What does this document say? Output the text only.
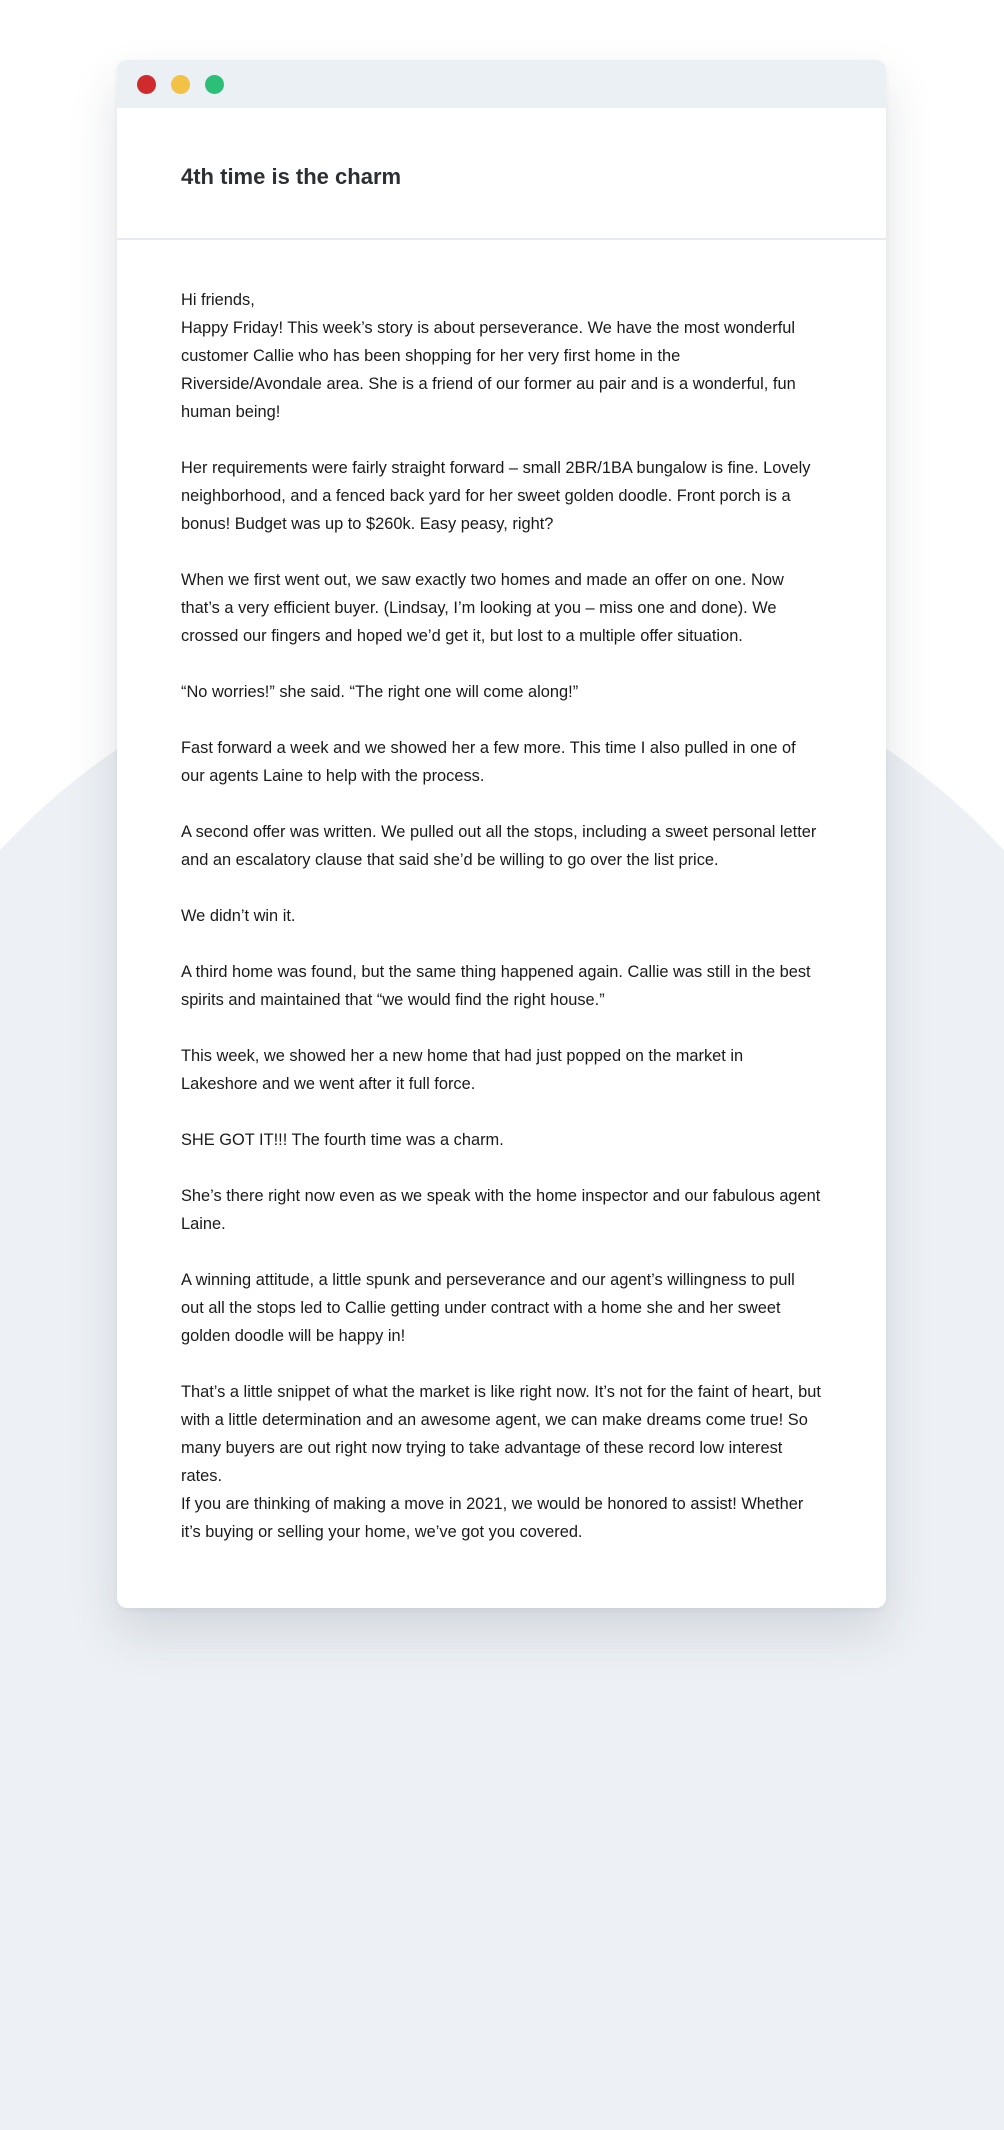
4th time is the charm

Hi friends,

Happy Friday! This week’s story is about perseverance. We have the most wonderful customer Callie who has been shopping for her very first home in the Riverside/Avondale area. She is a friend of our former au pair and is a wonderful, fun human being!

Her requirements were fairly straight forward – small 2BR/1BA bungalow is fine. Lovely neighborhood, and a fenced back yard for her sweet golden doodle. Front porch is a bonus! Budget was up to $260k. Easy peasy, right?

When we first went out, we saw exactly two homes and made an offer on one. Now that’s a very efficient buyer. (Lindsay, I’m looking at you – miss one and done). We crossed our fingers and hoped we’d get it, but lost to a multiple offer situation.

“No worries!” she said. “The right one will come along!”

Fast forward a week and we showed her a few more. This time I also pulled in one of our agents Laine to help with the process.

A second offer was written. We pulled out all the stops, including a sweet personal letter and an escalatory clause that said she’d be willing to go over the list price.

We didn’t win it.

A third home was found, but the same thing happened again. Callie was still in the best spirits and maintained that “we would find the right house.”

This week, we showed her a new home that had just popped on the market in Lakeshore and we went after it full force.

SHE GOT IT!!! The fourth time was a charm.

She’s there right now even as we speak with the home inspector and our fabulous agent Laine.

A winning attitude, a little spunk and perseverance and our agent’s willingness to pull out all the stops led to Callie getting under contract with a home she and her sweet golden doodle will be happy in!

That’s a little snippet of what the market is like right now. It’s not for the faint of heart, but with a little determination and an awesome agent, we can make dreams come true! So many buyers are out right now trying to take advantage of these record low interest rates.

If you are thinking of making a move in 2021, we would be honored to assist! Whether it’s buying or selling your home, we’ve got you covered.
